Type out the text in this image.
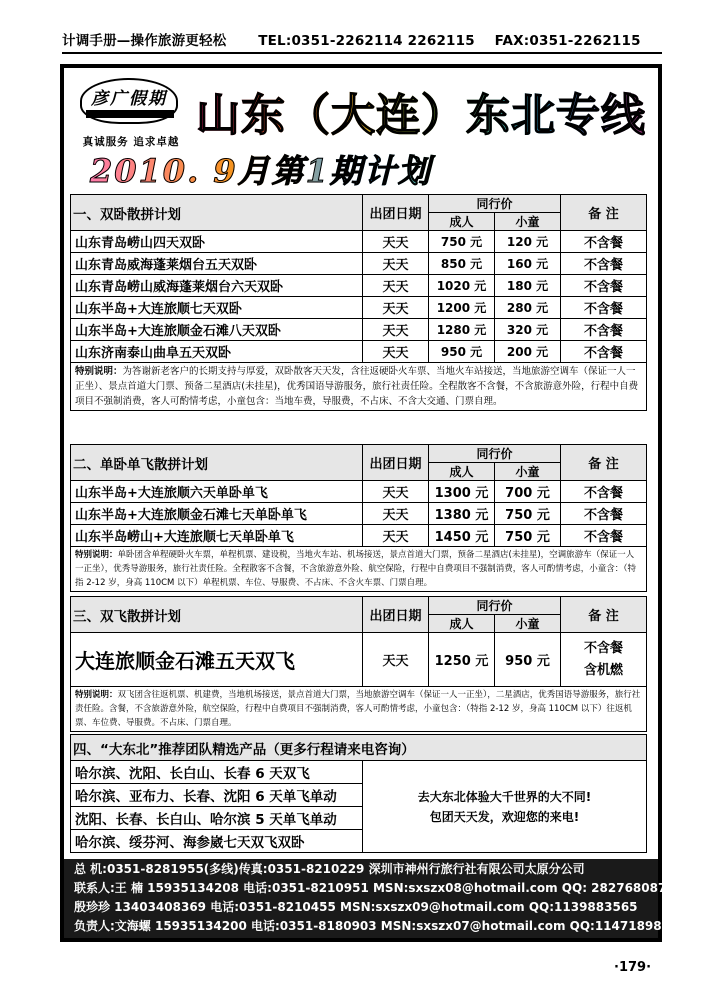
计调手册—操作旅游更轻松 TEL:0351-2262114 2262115 FAX:0351-2262115
彦广假期
真诚服务 追求卓越
山东（大连）东北专线
2010. 9月第1期计划
一、双卧散拼计划	出团日期	同行价		备 注
		成人	小童	
山东青岛崂山四天双卧	天天	750 元	120 元	不含餐
山东青岛威海蓬莱烟台五天双卧	天天	850 元	160 元	不含餐
山东青岛崂山威海蓬莱烟台六天双卧	天天	1020 元	180 元	不含餐
山东半岛+大连旅顺七天双卧	天天	1200 元	280 元	不含餐
山东半岛+大连旅顺金石滩八天双卧	天天	1280 元	320 元	不含餐
山东济南泰山曲阜五天双卧	天天	950 元	200 元	不含餐
特别说明：为答谢新老客户的长期支持与厚爱，双卧散客天天发，含往返硬卧火车票、当地火车站接送，当地旅游空调车（保证一人一正坐）、景点首道大门票、预备二星酒店(未挂星)，优秀国语导游服务，旅行社责任险。全程散客不含餐，不含旅游意外险，行程中自费项目不强制消费，客人可酌情考虑，小童包含：当地车费，导服费，不占床、不含大交通、门票自理。				
二、单卧单飞散拼计划	出团日期	同行价		备 注
		成人	小童	
山东半岛+大连旅顺六天单卧单飞	天天	1300 元	700 元	不含餐
山东半岛+大连旅顺金石滩七天单卧单飞	天天	1380 元	750 元	不含餐
山东半岛崂山+大连旅顺七天单卧单飞	天天	1450 元	750 元	不含餐
特别说明：单卧团含单程硬卧火车票，单程机票、建设税，当地火车站、机场接送，景点首道大门票，预备二星酒店(未挂星)，空调旅游车（保证一人一正坐），优秀导游服务，旅行社责任险。全程散客不含餐，不含旅游意外险、航空保险，行程中自费项目不强制消费，客人可酌情考虑，小童含：（特指 2-12 岁，身高 110CM 以下）单程机票、车位、导服费、不占床、不含火车票、门票自理。				
三、双飞散拼计划	出团日期	同行价		备 注
		成人	小童	
大连旅顺金石滩五天双飞	天天	1250 元	950 元	不含餐
含机燃

特别说明：双飞团含往返机票、机建费，当地机场接送，景点首道大门票，当地旅游空调车（保证一人一正坐），二星酒店，优秀国语导游服务，旅行社责任险。含餐，不含旅游意外险，航空保险，行程中自费项目不强制消费，客人可酌情考虑，小童包含：（特指 2-12 岁，身高 110CM 以下）往返机票、车位费、导服费。不占床、门票自理。				
四、“大东北”推荐团队精选产品（更多行程请来电咨询）
哈尔滨、沈阳、长白山、长春 6 天双飞	
去大东北体验大千世界的大不同!
包团天天发，欢迎您的来电!

哈尔滨、亚布力、长春、沈阳 6 天单飞单动
沈阳、长春、长白山、哈尔滨 5 天单飞单动
哈尔滨、绥芬河、海参崴七天双飞双卧
总 机:0351-8281955(多线)传真:0351-8210229 深圳市神州行旅行社有限公司太原分公司
联系人:王 楠 15935134208 电话:0351-8210951 MSN:sxszx08@hotmail.com QQ: 282768087
殷珍珍 13403408369 电话:0351-8210455 MSN:sxszx09@hotmail.com QQ:1139883565
负责人:文海螺 15935134200 电话:0351-8180903 MSN:sxszx07@hotmail.com QQ:1147189822
·179·
